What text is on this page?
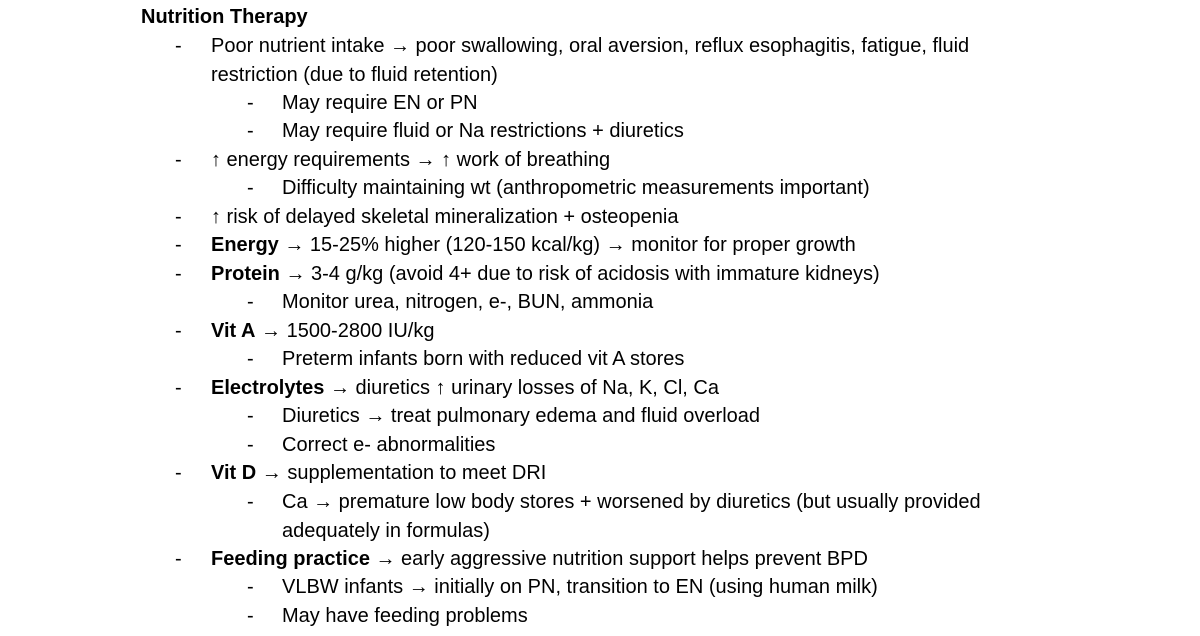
Nutrition Therapy
- Poor nutrient intake → poor swallowing, oral aversion, reflux esophagitis, fatigue, fluid
restriction (due to fluid retention)
- May require EN or PN
- May require fluid or Na restrictions + diuretics
- ↑ energy requirements → ↑ work of breathing
- Difficulty maintaining wt (anthropometric measurements important)
- ↑ risk of delayed skeletal mineralization + osteopenia
- Energy → 15-25% higher (120-150 kcal/kg) → monitor for proper growth
- Protein → 3-4 g/kg (avoid 4+ due to risk of acidosis with immature kidneys)
- Monitor urea, nitrogen, e-, BUN, ammonia
- Vit A → 1500-2800 IU/kg
- Preterm infants born with reduced vit A stores
- Electrolytes → diuretics ↑ urinary losses of Na, K, Cl, Ca
- Diuretics → treat pulmonary edema and fluid overload
- Correct e- abnormalities
- Vit D → supplementation to meet DRI
- Ca → premature low body stores + worsened by diuretics (but usually provided
adequately in formulas)
- Feeding practice → early aggressive nutrition support helps prevent BPD
- VLBW infants → initially on PN, transition to EN (using human milk)
- May have feeding problems
